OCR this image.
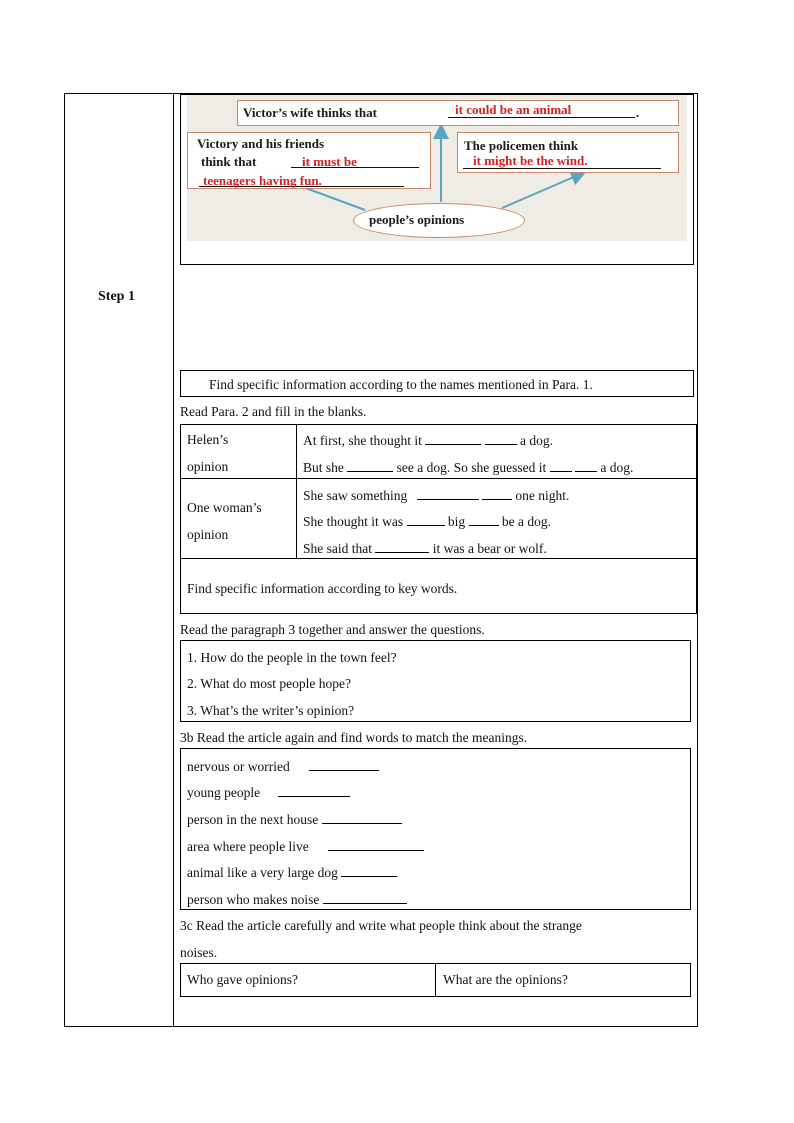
Step 1
Victor’s wife thinks that	it could be an animal	.
Victory and his friends
think that	it must be
teenagers having fun.
The policemen think
it might be the wind.
people’s opinions
Find specific information according to the names mentioned in Para. 1.
Read Para. 2 and fill in the blanks.
Helen’s
opinion
At first, she thought it	a dog.
But she	see a dog. So she guessed it	a dog.
One woman’s
opinion
She saw something	one night.
She thought it was	big	be a dog.
She said that	it was a bear or wolf.
Find specific information according to key words.
Read the paragraph 3 together and answer the questions.
1. How do the people in the town feel?
2. What do most people hope?
3. What’s the writer’s opinion?
3b Read the article again and find words to match the meanings.
nervous or worried
young people
person in the next house
area where people live
animal like a very large dog
person who makes noise
3c Read the article carefully and write what people think about the strange
noises.
Who gave opinions?	What are the opinions?
